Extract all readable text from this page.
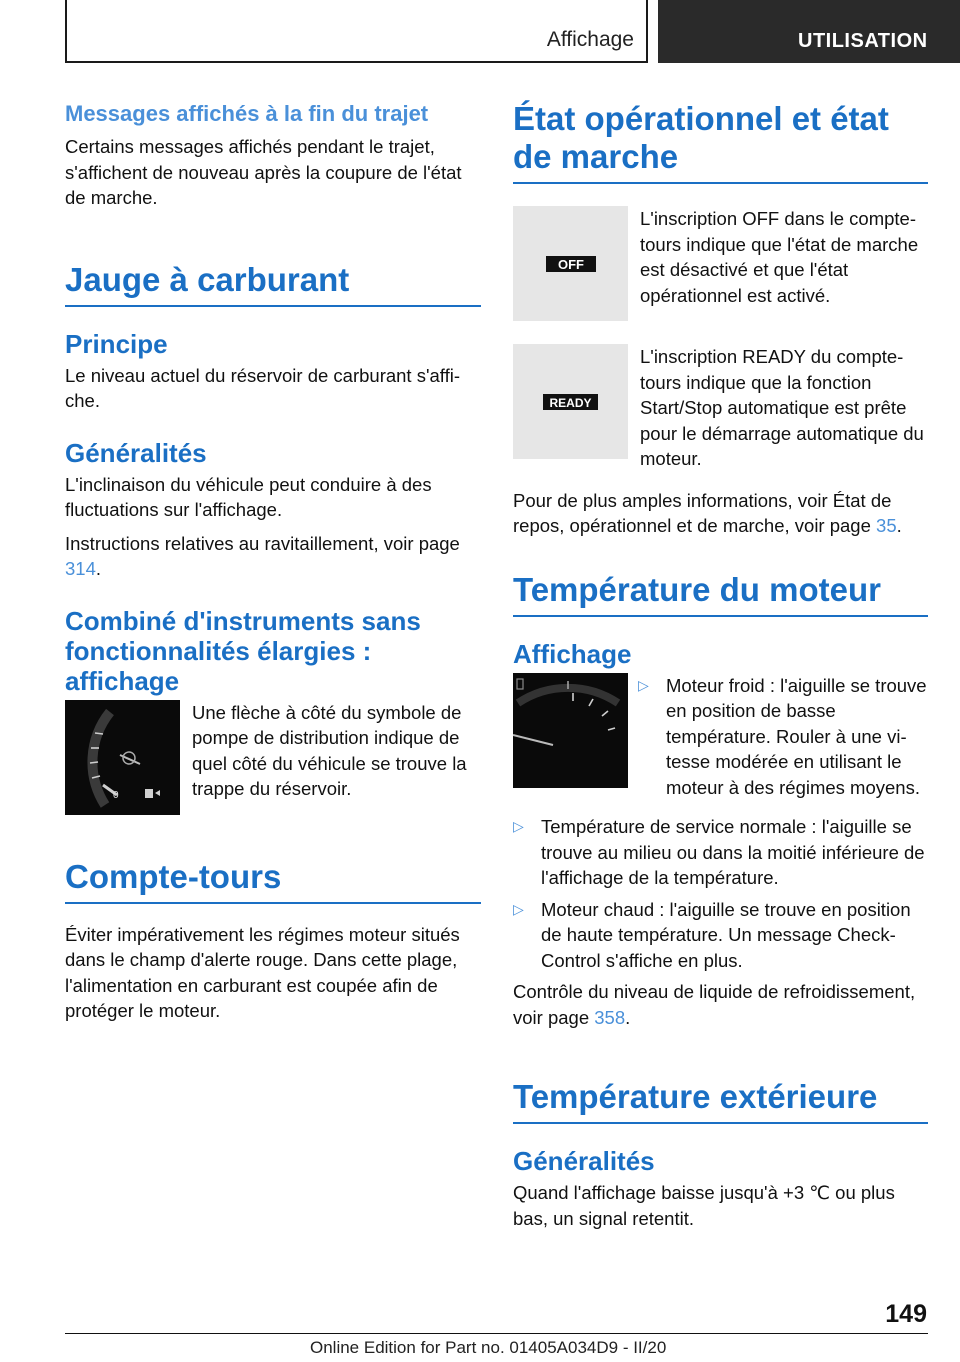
Affichage	UTILISATION
Messages affichés à la fin du trajet

Certains messages affichés pendant le trajet, s'affichent de nouveau après la coupure de l'état de marche.

Jauge à carburant
Principe

Le niveau actuel du réservoir de carburant s'affiche.

Généralités

L'inclinaison du véhicule peut conduire à des fluctuations sur l'affichage.

Instructions relatives au ravitaillement, voir page 314.

Combiné d'instruments sans fonctionnalités élargies : affichage
0

Une flèche à côté du symbole de pompe de distribution indique de quel côté du véhicule se trouve la trappe du réservoir.

Compte-tours

Éviter impérativement les régimes moteur situés dans le champ d'alerte rouge. Dans cette plage, l'alimentation en carburant est coupée afin de protéger le moteur.

État opérationnel et état de marche
OFF

L'inscription OFF dans le compte-tours indique que l'état de marche est désactivé et que l'état opérationnel est activé.

READY

L'inscription READY du compte-tours indique que la fonction Start/Stop automatique est prête pour le démarrage automatique du moteur.

Pour de plus amples informations, voir État de repos, opérationnel et de marche, voir page 35.

Température du moteur
Affichage
▷ Moteur froid : l'aiguille se trouve en position de basse température. Rouler à une vitesse modérée en utilisant le moteur à des régimes moyens.
▷ Température de service normale : l'aiguille se trouve au milieu ou dans la moitié inférieure de l'affichage de la température.
▷ Moteur chaud : l'aiguille se trouve en position de haute température. Un message Check-Control s'affiche en plus.

Contrôle du niveau de liquide de refroidissement, voir page 358.

Température extérieure
Généralités

Quand l'affichage baisse jusqu'à +3 ℃ ou plus bas, un signal retentit.

149
Online Edition for Part no. 01405A034D9 - II/20
